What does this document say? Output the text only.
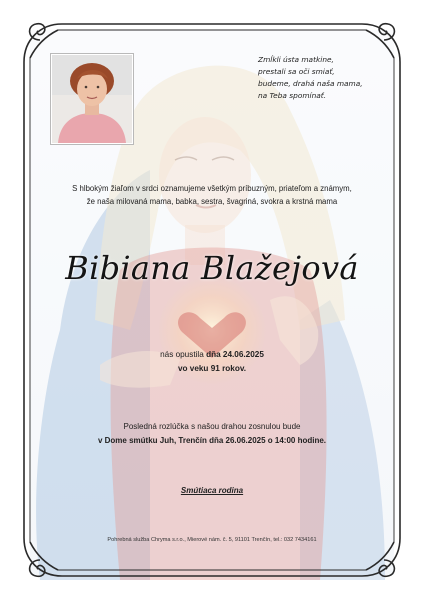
Zmĺkli ústa matkine,
prestali sa oči smiať,
budeme, drahá naša mama,
na Teba spomínať.
S hlbokým žiaľom v srdci oznamujeme všetkým príbuzným, priateľom a známym,
že naša milovaná mama, babka, sestra, švagriná, svokra a krstná mama
Bibiana Blažejová
nás opustila dňa 24.06.2025
vo veku 91 rokov.
Posledná rozlúčka s našou drahou zosnulou bude
v Dome smútku Juh, Trenčín dňa 26.06.2025 o 14:00 hodine.
Smútiaca rodina
Pohrebná služba Chryma s.r.o., Mierové nám. č. 5, 91101 Trenčín, tel.: 032 7434161
